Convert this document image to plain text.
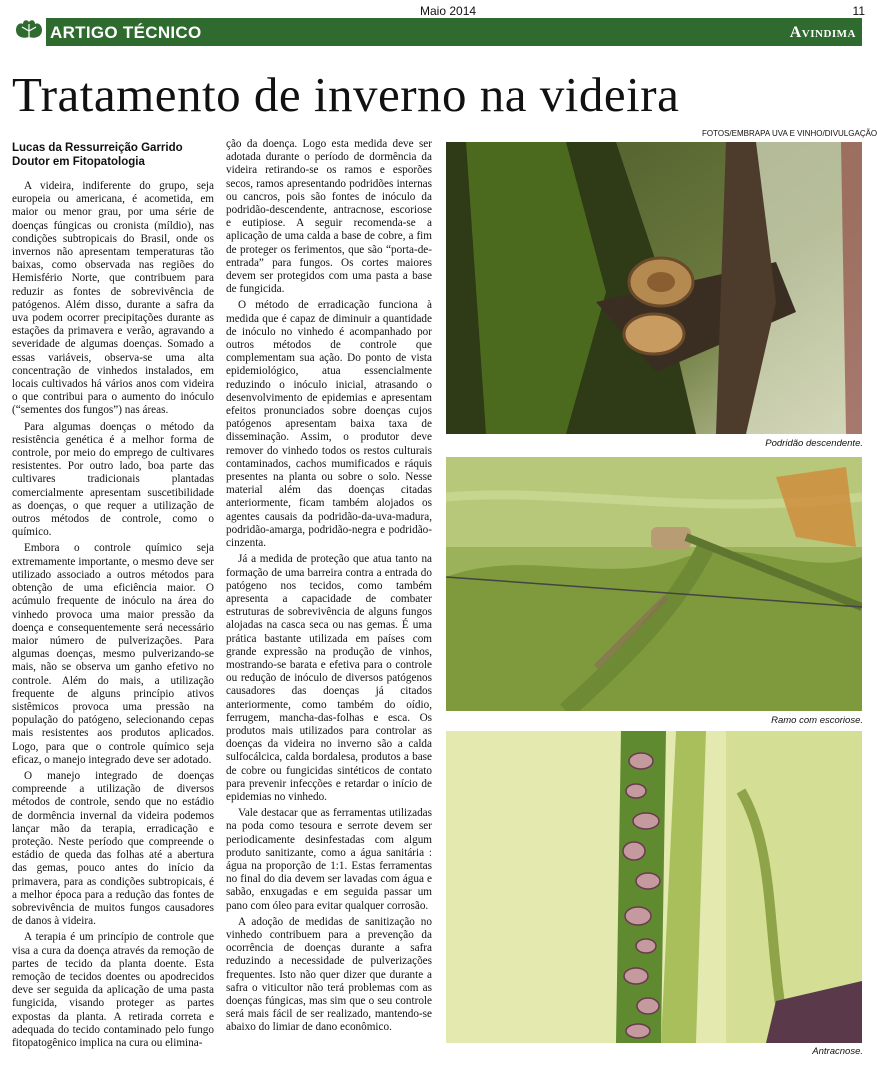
Maio 2014	11
ARTIGO TÉCNICO	Avindima
Tratamento de inverno na videira
FOTOS/EMBRAPA UVA E VINHO/DIVULGAÇÃO
Lucas da Ressurreição Garrido
Doutor em Fitopatologia

A videira, indiferente do grupo, seja europeia ou americana, é acometida, em maior ou menor grau, por uma série de doenças fúngicas ou cronista (míldio), nas condições subtropicais do Brasil, onde os invernos não apresentam temperaturas tão baixas, como observada nas regiões do Hemisfério Norte, que contribuem para reduzir as fontes de sobrevivência de patógenos. Além disso, durante a safra da uva podem ocorrer precipitações durante as estações da primavera e verão, agravando a severidade de algumas doenças. Somado a essas variáveis, observa-se uma alta concentração de vinhedos instalados, em locais cultivados há vários anos com videira o que contribui para o aumento do inóculo (“sementes dos fungos”) nas áreas.

Para algumas doenças o método da resistência genética é a melhor forma de controle, por meio do emprego de cultivares resistentes. Por outro lado, boa parte das cultivares tradicionais plantadas comercialmente apresentam suscetibilidade as doenças, o que requer a utilização de outros métodos de controle, como o químico.

Embora o controle químico seja extremamente importante, o mesmo deve ser utilizado associado a outros métodos para obtenção de uma eficiência maior. O acúmulo frequente de inóculo na área do vinhedo provoca uma maior pressão da doença e consequentemente será necessário maior número de pulverizações. Para algumas doenças, mesmo pulverizando-se mais, não se observa um ganho efetivo no controle. Além do mais, a utilização frequente de alguns princípio ativos sistêmicos provoca uma pressão na população do patógeno, selecionando cepas mais resistentes aos produtos aplicados. Logo, para que o controle químico seja eficaz, o manejo integrado deve ser adotado.

O manejo integrado de doenças compreende a utilização de diversos métodos de controle, sendo que no estádio de dormência invernal da videira podemos lançar mão da terapia, erradicação e proteção. Neste período que compreende o estádio de queda das folhas até a abertura das gemas, pouco antes do início da primavera, para as condições subtropicais, é a melhor época para a redução das fontes de sobrevivência de muitos fungos causadores de danos à videira.

A terapia é um princípio de controle que visa a cura da doença através da remoção de partes de tecido da planta doente. Esta remoção de tecidos doentes ou apodrecidos deve ser seguida da aplicação de uma pasta fungicida, visando proteger as partes expostas da planta. A retirada correta e adequada do tecido contaminado pelo fungo fitopatogênico implica na cura ou elimina-

ção da doença. Logo esta medida deve ser adotada durante o período de dormência da videira retirando-se os ramos e esporões secos, ramos apresentando podridões internas ou cancros, pois são fontes de inóculo da podridão-descendente, antracnose, escoriose e eutipiose. A seguir recomenda-se a aplicação de uma calda a base de cobre, a fim de proteger os ferimentos, que são “porta-de-entrada” para fungos. Os cortes maiores devem ser protegidos com uma pasta a base de fungicida.

O método de erradicação funciona à medida que é capaz de diminuir a quantidade de inóculo no vinhedo é acompanhado por outros métodos de controle que complementam sua ação. Do ponto de vista epidemiológico, atua essencialmente reduzindo o inóculo inicial, atrasando o desenvolvimento de epidemias e apresentam efeitos pronunciados sobre doenças cujos patógenos apresentam baixa taxa de disseminação. Assim, o produtor deve remover do vinhedo todos os restos culturais contaminados, cachos mumificados e ráquis presentes na planta ou sobre o solo. Nesse material além das doenças citadas anteriormente, ficam também alojados os agentes causais da podridão-da-uva-madura, podridão-amarga, podridão-negra e podridão-cinzenta.

Já a medida de proteção que atua tanto na formação de uma barreira contra a entrada do patógeno nos tecidos, como também apresenta a capacidade de combater estruturas de sobrevivência de alguns fungos alojadas na casca seca ou nas gemas. É uma prática bastante utilizada em países com grande expressão na produção de vinhos, mostrando-se barata e efetiva para o controle ou redução de inóculo de diversos patógenos causadores das doenças já citados anteriormente, como também do oídio, ferrugem, mancha-das-folhas e esca. Os produtos mais utilizados para controlar as doenças da videira no inverno são a calda sulfocálcica, calda bordalesa, produtos a base de cobre ou fungicidas sintéticos de contato para prevenir infecções e retardar o início de epidemias no vinhedo.

Vale destacar que as ferramentas utilizadas na poda como tesoura e serrote devem ser periodicamente desinfestadas com algum produto sanitizante, como a água sanitária : água na proporção de 1:1. Estas ferramentas no final do dia devem ser lavadas com água e sabão, enxugadas e em seguida passar um pano com óleo para evitar qualquer corrosão.

A adoção de medidas de sanitização no vinhedo contribuem para a prevenção da ocorrência de doenças durante a safra reduzindo a necessidade de pulverizações frequentes. Isto não quer dizer que durante a safra o viticultor não terá problemas com as doenças fúngicas, mas sim que o seu controle será mais fácil de ser realizado, mantendo-se abaixo do limiar de dano econômico.

Podridão descendente.
Ramo com escoriose.
Antracnose.
